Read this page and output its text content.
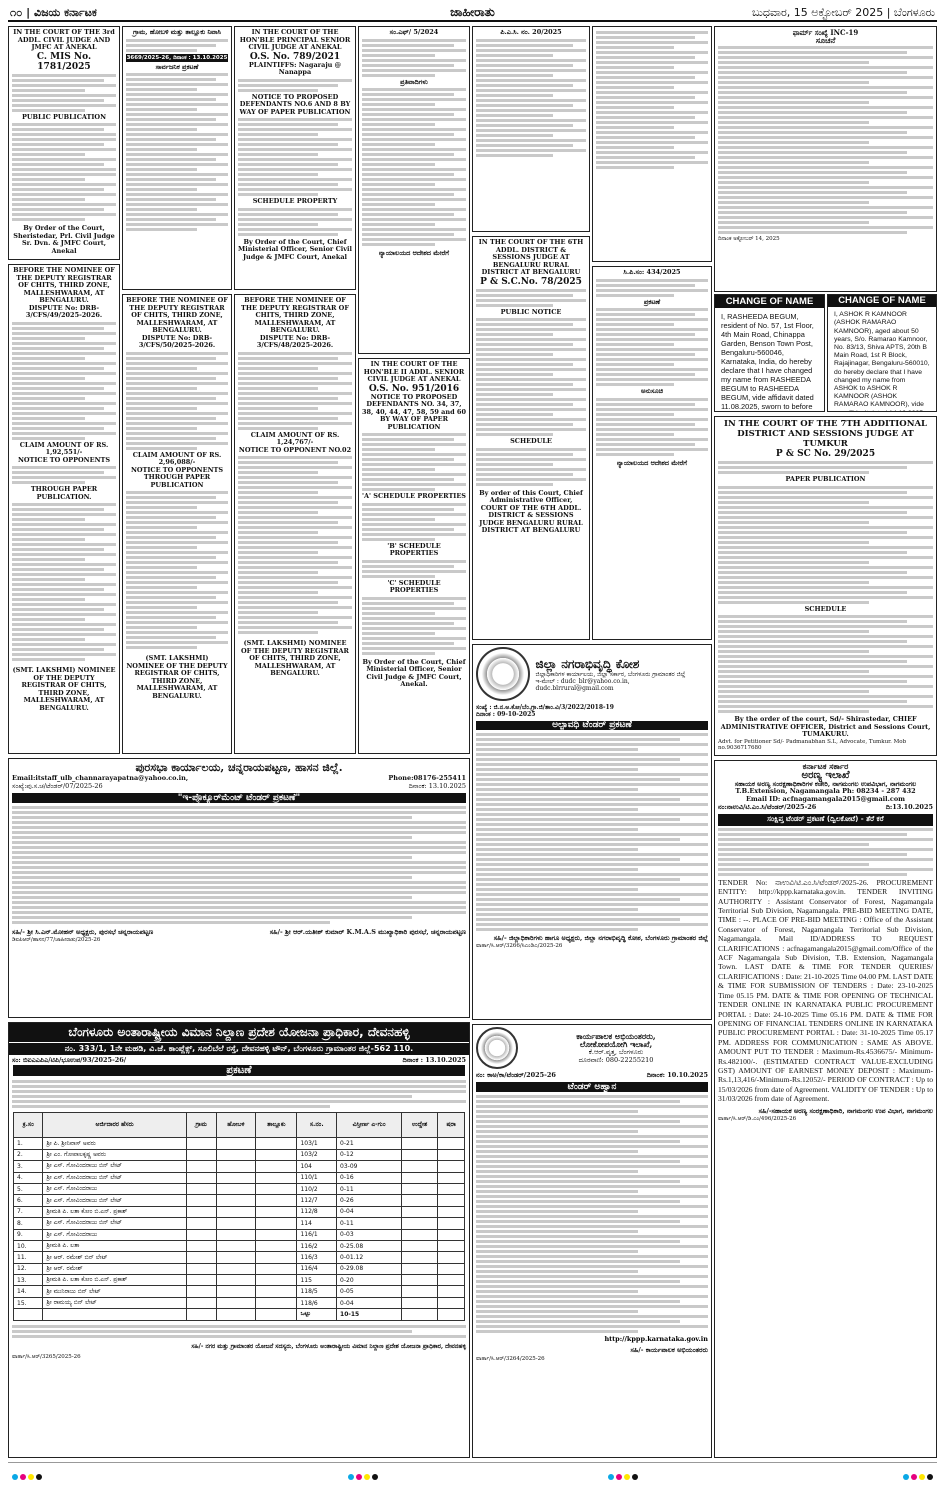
೧೦ | ವಿಜಯ ಕರ್ನಾಟಕ	ಜಾಹೀರಾತು	ಬುಧವಾರ, 15 ಅಕ್ಟೋಬರ್ 2025 | ಬೆಂಗಳೂರು
IN THE COURT OF THE 3rd ADDL. CIVIL JUDGE AND JMFC AT ANEKAL
C. MIS No. 1781/2025
PUBLIC PUBLICATION
By Order of the Court, Sheristedar, Prl. Civil Judge Sr. Dvn. & JMFC Court, Anekal
BEFORE THE NOMINEE OF THE DEPUTY REGISTRAR OF CHITS, THIRD ZONE, MALLESHWARAM, AT BENGALURU.
DISPUTE No: DRB-3/CFS/49/2025-2026.
CLAIM AMOUNT OF RS. 1,92,551/-
NOTICE TO OPPONENTS
THROUGH PAPER PUBLICATION.
(SMT. LAKSHMI) NOMINEE OF THE DEPUTY REGISTRAR OF CHITS, THIRD ZONE, MALLESHWARAM, AT BENGALURU.
ಗ್ರಾಮ, ಹೋಬಳಿ ಮತ್ತು ತಾಲ್ಲೂಕು ನಿವಾಸಿ
3669/2025-26, ದಿನಾಂಕ : 13.10.2025
ಸಾರ್ವಜನಿಕ ಪ್ರಕಟಣೆ
BEFORE THE NOMINEE OF THE DEPUTY REGISTRAR OF CHITS, THIRD ZONE, MALLESHWARAM, AT BENGALURU.
DISPUTE No: DRB-3/CFS/50/2025-2026.
CLAIM AMOUNT OF RS. 2,96,088/-
NOTICE TO OPPONENTS
THROUGH PAPER PUBLICATION
(SMT. LAKSHMI) NOMINEE OF THE DEPUTY REGISTRAR OF CHITS, THIRD ZONE, MALLESHWARAM, AT BENGALURU.
IN THE COURT OF THE HON'BLE PRINCIPAL SENIOR CIVIL JUDGE AT ANEKAL
O.S. No. 789/2021
PLAINTIFFS: Nagaraju @ Nanappa
NOTICE TO PROPOSED DEFENDANTS NO.6 AND 8 BY WAY OF PAPER PUBLICATION
SCHEDULE PROPERTY
By Order of the Court, Chief Ministerial Officer, Senior Civil Judge & JMFC Court, Anekal
BEFORE THE NOMINEE OF THE DEPUTY REGISTRAR OF CHITS, THIRD ZONE, MALLESHWARAM, AT BENGALURU.
DISPUTE No: DRB-3/CFS/48/2025-2026.
CLAIM AMOUNT OF RS. 1,24,767/-
NOTICE TO OPPONENT NO.02
(SMT. LAKSHMI) NOMINEE OF THE DEPUTY REGISTRAR OF CHITS, THIRD ZONE, MALLESHWARAM, AT BENGALURU.
ಸಂ.ಎಫ್/ 5/2024
ಪ್ರತಿವಾದಿಗಳು
ನ್ಯಾಯಾಲಯದ ಆದೇಶದ ಮೇರೆಗೆ
IN THE COURT OF THE HON'BLE II ADDL. SENIOR CIVIL JUDGE AT ANEKAL
O.S. No. 951/2016
NOTICE TO PROPOSED DEFENDANTS NO. 34, 37, 38, 40, 44, 47, 58, 59 and 60 BY WAY OF PAPER PUBLICATION
'A' SCHEDULE PROPERTIES
'B' SCHEDULE PROPERTIES
'C' SCHEDULE PROPERTIES
By Order of the Court, Chief Ministerial Officer, Senior Civil Judge & JMFC Court, Anekal.
ಪಿ.ಎ.ಸಿ. ನಂ. 20/2025
IN THE COURT OF THE 6TH ADDL. DISTRICT & SESSIONS JUDGE AT BENGALURU RURAL DISTRICT AT BENGALURU
P & S.C.No. 78/2025
PUBLIC NOTICE
SCHEDULE
By order of this Court, Chief Administrative Officer, COURT OF THE 6TH ADDL. DISTRICT & SESSIONS JUDGE BENGALURU RURAL DISTRICT AT BENGALURU
ಸಿ.ಪಿ.ಸಂ: 434/2025
ಪ್ರಕಟಣೆ
ಅನುಸೂಚಿ
ನ್ಯಾಯಾಲಯದ ಆದೇಶದ ಮೇರೆಗೆ
ಫಾರ್ಮ್ ಸಂಖ್ಯೆ INC-19
ಸೂಚನೆ
ದಿನಾಂಕ ಅಕ್ಟೋಬರ್ 14, 2025
CHANGE OF NAME
I, RASHEEDA BEGUM, resident of No. 57, 1st Floor, 4th Main Road, Chinappa Garden, Benson Town Post, Bengaluru-560046, Karnataka, India, do hereby declare that I have changed my name from RASHEEDA BEGUM to RASHEEDA BEGUM, vide affidavit dated 11.08.2025, sworn to before
CHANGE OF NAME
I, ASHOK R KAMNOOR (ASHOK RAMARAO KAMNOOR), aged about 50 years, S/o. Ramarao Kamnoor, No. 83/13, Shiva APTS, 20th B Main Road, 1st R Block, Rajajinagar, Bengaluru-560010, do hereby declare that I have changed my name from ASHOK to ASHOK R KAMNOOR (ASHOK RAMARAO KAMNOOR), vide
IN THE COURT OF THE 7TH ADDITIONAL DISTRICT AND SESSIONS JUDGE AT TUMKUR
P & SC No. 29/2025
PAPER PUBLICATION
SCHEDULE
By the order of the court, Sd/- Shirastedar, CHIEF ADMINISTRATIVE OFFICER, District and Sessions Court, TUMAKURU.
Advt. for Petitioner Sd/- Padmanabhan S.L, Advocate, Tumkur. Mob no.9036717680
ಜಿಲ್ಲಾ ನಗರಾಭಿವೃದ್ಧಿ ಕೋಶ
ಜಿಲ್ಲಾಧಿಕಾರಿಗಳ ಕಾರ್ಯಾಲಯ, ಜಿಲ್ಲಾ ಸರ್ಕಾರ, ಬೆಂಗಳೂರು ಗ್ರಾಮಾಂತರ ಜಿಲ್ಲೆ
ಇ-ಮೇಲ್ : dudc_blr@yahoo.co.in, dudc.blrrural@gmail.com
ಸಂಖ್ಯೆ : ಜಿ.ನ.ಅ.ಕೋ/ಬೆಂ.ಗ್ರಾ.ಜಿ/ತಾಂ.ವಿ/3/2022/2018-19
ದಿನಾಂಕ : 09-10-2025
ಅಲ್ಪಾವಧಿ ಟೆಂಡರ್ ಪ್ರಕಟಣೆ
ಸಹಿ/- ಜಿಲ್ಲಾಧಿಕಾರಿಗಳು ಹಾಗೂ ಅಧ್ಯಕ್ಷರು, ಜಿಲ್ಲಾ ನಗರಾಭಿವೃದ್ಧಿ ಕೋಶ, ಬೆಂಗಳೂರು ಗ್ರಾಮಾಂತರ ಜಿಲ್ಲೆ
ವಾರ್ತಾ/ಸಿ.ಆರ್/3266/ಸಿಎಂಡಿಎ/2025-26
ಪುರಸಭಾ ಕಾರ್ಯಾಲಯ, ಚನ್ನರಾಯಪಟ್ಟಣ, ಹಾಸನ ಜಿಲ್ಲೆ.
Email:itstaff_ulb_channarayapatna@yahoo.co.in,	Phone:08176-255411
ಸಂಖ್ಯೆ:ಪು.ಸ.ಚ/ಟೆಂಡರ್/07/2025-26	ದಿನಾಂಕ: 13.10.2025
"ಇ-ಪ್ರೊಕ್ಯೂರ್‌ಮೆಂಟ್ ಟೆಂಡರ್ ಪ್ರಕಟಣೆ"
ಸಹಿ/- ಶ್ರೀ ಸಿ.ಎನ್.ಮೋಹನ್ ಅಧ್ಯಕ್ಷರು, ಪುರಸಭೆ ಚನ್ನರಾಯಪಟ್ಟಣ	ಸಹಿ/- ಶ್ರೀ ಆರ್.ಯತೀಶ್ ಕುಮಾರ್ K.M.A.S ಮುಖ್ಯಾಧಿಕಾರಿ ಪುರಸಭೆ, ಚನ್ನರಾಯಪಟ್ಟಣ
ಡಿಐಪಿಆರ್/ಹಾಸನ/77/ಜಾಹೀರಾತು/2025-26
ಬೆಂಗಳೂರು ಅಂತಾರಾಷ್ಟ್ರೀಯ ವಿಮಾನ ನಿಲ್ದಾಣ ಪ್ರದೇಶ ಯೋಜನಾ ಪ್ರಾಧಿಕಾರ, ದೇವನಹಳ್ಳಿ
ನಂ. 333/1, 1ನೇ ಮಹಡಿ, ವಿ.ಜೆ. ಕಾಂಪ್ಲೆಕ್ಸ್, ಸೂಲಿಬೆಲೆ ರಸ್ತೆ, ದೇವನಹಳ್ಳಿ ಟೌನ್, ಬೆಂಗಳೂರು ಗ್ರಾಮಾಂತರ ಜಿಲ್ಲೆ-562 110.
ಸಂ: ಬಿಐಎಎಪಿಎ/ಟಿಪಿ/ಭೂಉಪ/93/2025-26/	ದಿನಾಂಕ : 13.10.2025
ಪ್ರಕಟಣೆ
ಕ್ರ.ಸಂ	ಅರ್ಜಿದಾರರ ಹೆಸರು	ಗ್ರಾಮ	ಹೋಬಳಿ	ತಾಲ್ಲೂಕು	ಸ.ನಂ.	ವಿಸ್ತೀರ್ಣ ಎ-ಗುಂ	ಉದ್ದೇಶ	ಷರಾ
1.	ಶ್ರೀ ಪಿ. ಶ್ರೀನಿವಾಸ್ ಅವರು				103/1	0-21		
2.	ಶ್ರೀ ಎಂ. ಗೋಪಾಲಕೃಷ್ಣ ಅವರು				103/2	0-12		
3.	ಶ್ರೀ ಎಸ್. ಗೋವಿಂದರಾಜು ಬಿನ್ ಲೇಟ್				104	03-09		
4.	ಶ್ರೀ ಎಸ್. ಗೋವಿಂದರಾಜು ಬಿನ್ ಲೇಟ್				110/1	0-16		
5.	ಶ್ರೀ ಎಸ್. ಗೋವಿಂದರಾಜು				110/2	0-11		
6.	ಶ್ರೀ ಎಸ್. ಗೋವಿಂದರಾಜು ಬಿನ್ ಲೇಟ್				112/7	0-26		
7.	ಶ್ರೀಮತಿ ಪಿ. ಲತಾ ಕೋಂ ಬಿ.ಎನ್. ಪ್ರಕಾಶ್				112/8	0-04		
8.	ಶ್ರೀ ಎಸ್. ಗೋವಿಂದರಾಜು ಬಿನ್ ಲೇಟ್				114	0-11		
9.	ಶ್ರೀ ಎಸ್. ಗೋವಿಂದರಾಜು				116/1	0-03		
10.	ಶ್ರೀಮತಿ ಪಿ. ಲತಾ				116/2	0-25.08		
11.	ಶ್ರೀ ಆರ್. ರಮೇಶ್ ಬಿನ್ ಲೇಟ್				116/3	0-01.12		
12.	ಶ್ರೀ ಆರ್. ರಮೇಶ್				116/4	0-29.08		
13.	ಶ್ರೀಮತಿ ಪಿ. ಲತಾ ಕೋಂ ಬಿ.ಎನ್. ಪ್ರಕಾಶ್				115	0-20		
14.	ಶ್ರೀ ಮುನಿರಾಜು ಬಿನ್ ಲೇಟ್				118/5	0-05		
15.	ಶ್ರೀ ರಾಮಯ್ಯ ಬಿನ್ ಲೇಟ್				118/6	0-04		
					ಒಟ್ಟು	10-15		
ಸಹಿ/- ನಗರ ಮತ್ತು ಗ್ರಾಮಾಂತರ ಯೋಜನೆ ಸದಸ್ಯರು, ಬೆಂಗಳೂರು ಅಂತಾರಾಷ್ಟ್ರೀಯ ವಿಮಾನ ನಿಲ್ದಾಣ ಪ್ರದೇಶ ಯೋಜನಾ ಪ್ರಾಧಿಕಾರ, ದೇವನಹಳ್ಳಿ
ವಾರ್ತಾ/ಸಿ.ಆರ್/3265/2025-26
ಕಾರ್ಯಪಾಲಕ ಅಭಿಯಂತರರು,
ಲೋಕೋಪಯೋಗಿ ಇಲಾಖೆ,
ಕೆ.ಆರ್.ವೃತ್ತ, ಬೆಂಗಳೂರು
ದೂರವಾಣಿ: 080-22255210
ನಂ: ಕಾಅ/ಕಾ/ಟೆಂಡರ್/2025-26	ದಿನಾಂಕ: 10.10.2025
ಟೆಂಡರ್ ಅಹ್ವಾನ
http://kppp.karnataka.gov.in
ಸಹಿ/- ಕಾರ್ಯಪಾಲಕ ಅಭಿಯಂತರರು
ವಾರ್ತಾ/ಸಿ.ಆರ್/3264/2025-26
ಕರ್ನಾಟಕ ಸರ್ಕಾರ
ಅರಣ್ಯ ಇಲಾಖೆ
ಸಹಾಯಕ ಅರಣ್ಯ ಸಂರಕ್ಷಣಾಧಿಕಾರಿಗಳ ಕಚೇರಿ, ನಾಗಮಂಗಲ ಉಪವಿಭಾಗ, ನಾಗಮಂಗಲ
T.B.Extension, Nagamangala Ph: 08234 - 287 432
Email ID: acfnagamangala2015@gmail.com
ನಂ:ನಾಉವಿ/ಟಿ.ಎಂ.ಸಿ/ಟೆಂಡರ್/2025-26	ದಿ:13.10.2025
ಸಂಕ್ಷಿಪ್ತ ಟೆಂಡರ್ ಪ್ರಕಟಣೆ (ದ್ವಿಲಕೋಟೆ) - ತೆರೆ ಕರೆ
TENDER No: ನಾಉವಿ/ಟಿ.ಎಂ.ಸಿ/ಟೆಂಡರ್/2025-26. PROCUREMENT ENTITY: http://kppp.karnataka.gov.in. TENDER INVITING AUTHORITY : Assistant Conservator of Forest, Nagamangala Territorial Sub Division, Nagamangala. PRE-BID MEETING DATE, TIME : --. PLACE OF PRE-BID MEETING : Office of the Assistant Conservator of Forest, Nagamangala Territorial Sub Division, Nagamangala. Mail ID/ADDRESS TO REQUEST CLARIFICATIONS : acfnagamangala2015@gmail.com/Office of the ACF Nagamangala Sub Division, T.B. Extension, Nagamangala Town. LAST DATE & TIME FOR TENDER QUERIES/ CLARIFICATIONS : Date: 21-10-2025 Time 04.00 PM. LAST DATE & TIME FOR SUBMISSION OF TENDERS : Date: 23-10-2025 Time 05.15 PM. DATE & TIME FOR OPENING OF TECHNICAL TENDER ONLINE IN KARNATAKA PUBLIC PROCUREMENT PORTAL : Date: 24-10-2025 Time 05.16 PM. DATE & TIME FOR OPENING OF FINANCIAL TENDERS ONLINE IN KARNATAKA PUBLIC PROCUREMENT PORTAL : Date: 31-10-2025 Time 05.17 PM. ADDRESS FOR COMMUNICATION : SAME AS ABOVE. AMOUNT PUT TO TENDER : Maximum-Rs.4536675/- Minimum-Rs.482100/-. (ESTIMATED CONTRACT VALUE-EXCLUDING GST) AMOUNT OF EARNEST MONEY DEPOSIT : Maximum-Rs.1,13,416/-Minimum-Rs.12052/- PERIOD OF CONTRACT : Up to 15/03/2026 from date of Agreement. VALIDITY OF TENDER : Up to 31/03/2026 from date of Agreement.
ಸಹಿ/-ಸಹಾಯಕ ಅರಣ್ಯ ಸಂರಕ್ಷಣಾಧಿಕಾರಿ, ನಾಗಮಂಗಲ ಉಪ ವಿಭಾಗ, ನಾಗಮಂಗಲ
ವಾರ್ತಾ/ಸಿ.ಆರ್/ಡಿ.ಎಂ/496/2025-26
